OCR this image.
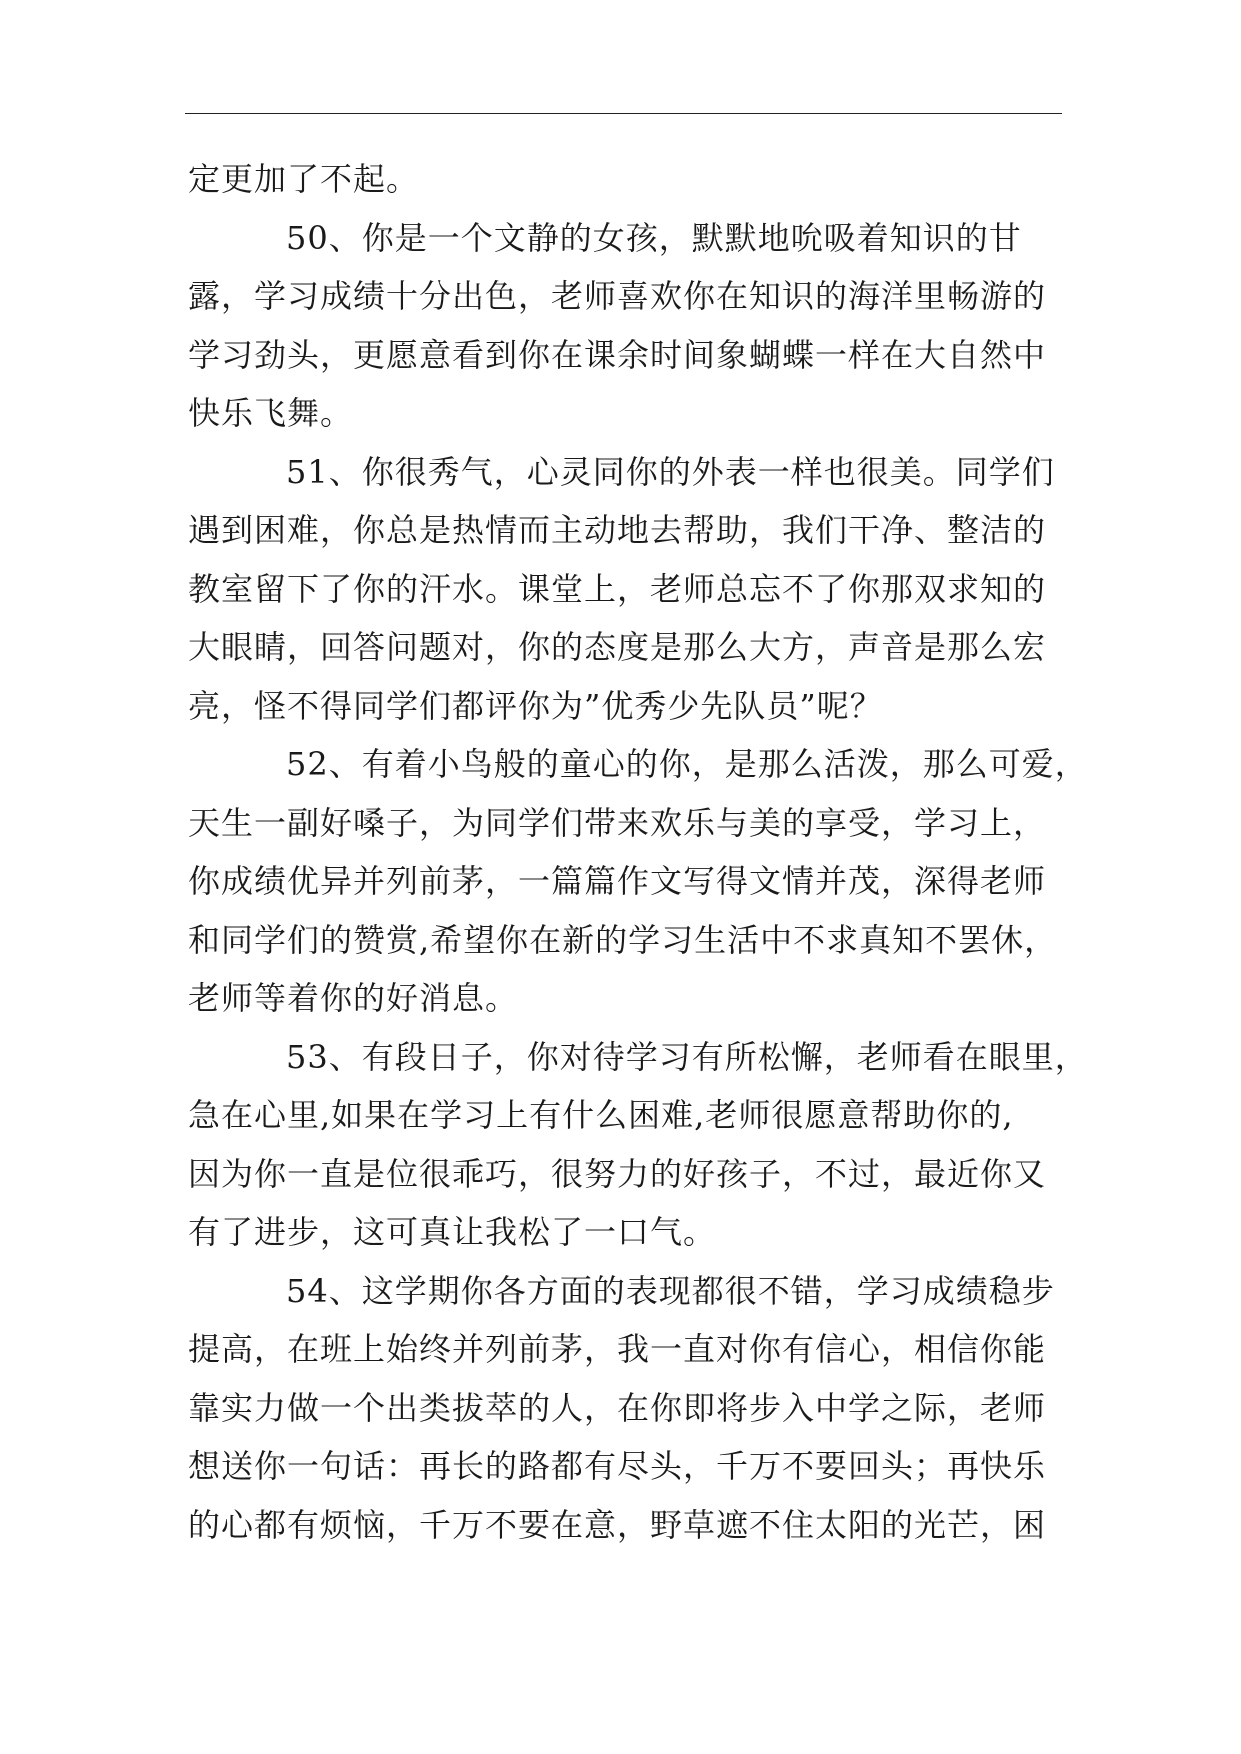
定更加了不起。
50、你是一个文静的女孩，默默地吮吸着知识的甘
露，学习成绩十分出色，老师喜欢你在知识的海洋里畅游的
学习劲头，更愿意看到你在课余时间象蝴蝶一样在大自然中
快乐飞舞。
51、你很秀气，心灵同你的外表一样也很美。同学们
遇到困难，你总是热情而主动地去帮助，我们干净、整洁的
教室留下了你的汗水。课堂上，老师总忘不了你那双求知的
大眼睛，回答问题对，你的态度是那么大方，声音是那么宏
亮，怪不得同学们都评你为”优秀少先队员”呢？
52、有着小鸟般的童心的你，是那么活泼，那么可爱，
天生一副好嗓子，为同学们带来欢乐与美的享受，学习上，
你成绩优异并列前茅，一篇篇作文写得文情并茂，深得老师
和同学们的赞赏,希望你在新的学习生活中不求真知不罢休，
老师等着你的好消息。
53、有段日子，你对待学习有所松懈，老师看在眼里，
急在心里,如果在学习上有什么困难,老师很愿意帮助你的,
因为你一直是位很乖巧，很努力的好孩子，不过，最近你又
有了进步，这可真让我松了一口气。
54、这学期你各方面的表现都很不错，学习成绩稳步
提高，在班上始终并列前茅，我一直对你有信心，相信你能
靠实力做一个出类拔萃的人，在你即将步入中学之际，老师
想送你一句话：再长的路都有尽头，千万不要回头；再快乐
的心都有烦恼，千万不要在意，野草遮不住太阳的光芒，困
